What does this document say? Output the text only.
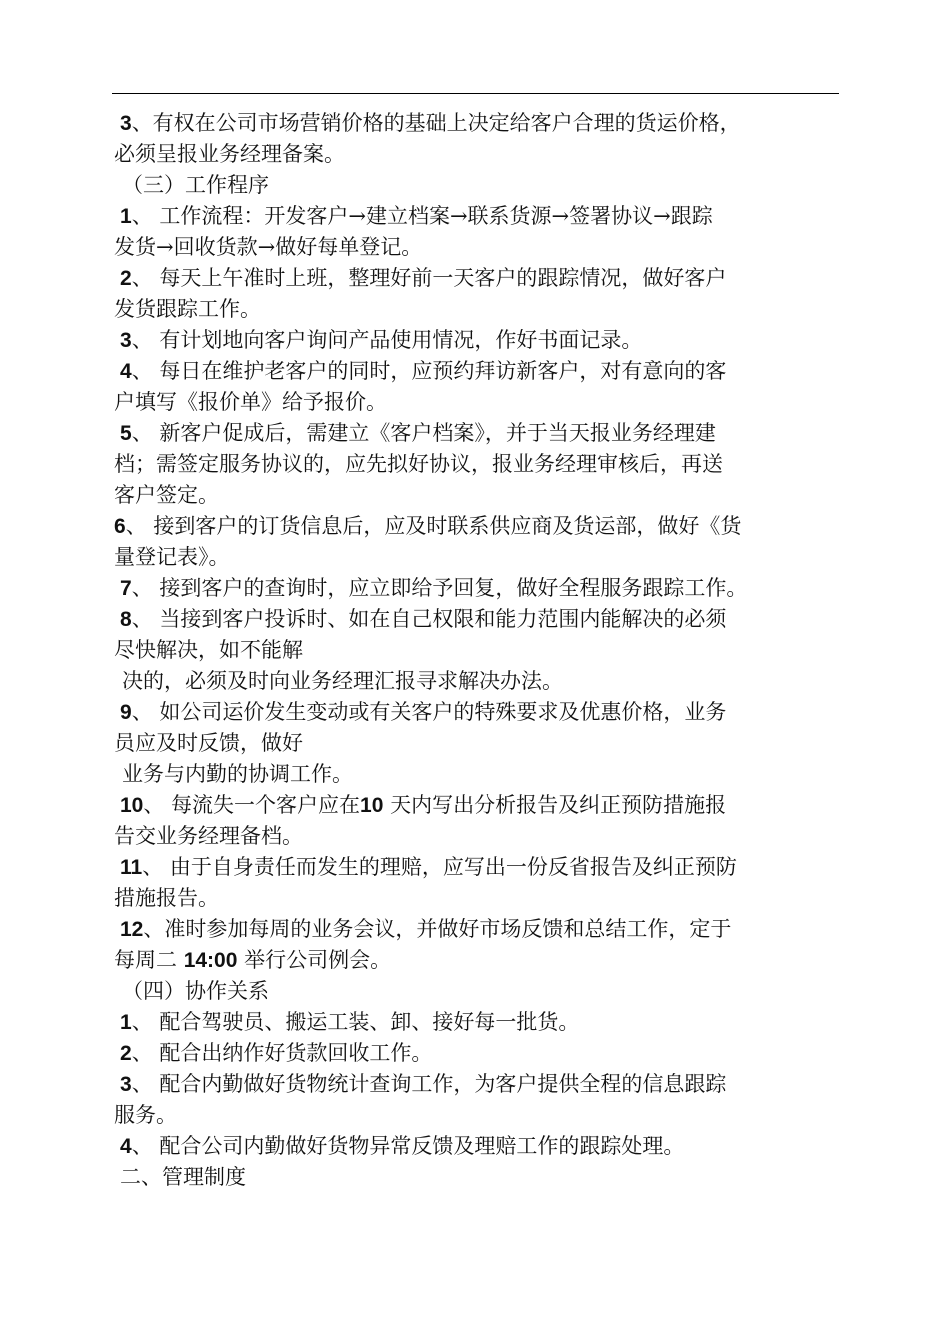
3、有权在公司市场营销价格的基础上决定给客户合理的货运价格，
必须呈报业务经理备案。
（三）工作程序
1、 工作流程：开发客户→建立档案→联系货源→签署协议→跟踪
发货→回收货款→做好每单登记。
2、 每天上午准时上班，整理好前一天客户的跟踪情况，做好客户
发货跟踪工作。
3、 有计划地向客户询问产品使用情况，作好书面记录。
4、 每日在维护老客户的同时，应预约拜访新客户，对有意向的客
户填写《报价单》给予报价。
5、 新客户促成后，需建立《客户档案》，并于当天报业务经理建
档；需签定服务协议的，应先拟好协议，报业务经理审核后，再送
客户签定。
6、 接到客户的订货信息后，应及时联系供应商及货运部，做好《货
量登记表》。
7、 接到客户的查询时，应立即给予回复，做好全程服务跟踪工作。
8、 当接到客户投诉时、如在自己权限和能力范围内能解决的必须
尽快解决，如不能解
决的，必须及时向业务经理汇报寻求解决办法。
9、 如公司运价发生变动或有关客户的特殊要求及优惠价格，业务
员应及时反馈，做好
业务与内勤的协调工作。
10、 每流失一个客户应在10 天内写出分析报告及纠正预防措施报
告交业务经理备档。
11、 由于自身责任而发生的理赔，应写出一份反省报告及纠正预防
措施报告。
12、准时参加每周的业务会议，并做好市场反馈和总结工作，定于
每周二 14:00 举行公司例会。
（四）协作关系
1、 配合驾驶员、搬运工装、卸、接好每一批货。
2、 配合出纳作好货款回收工作。
3、 配合内勤做好货物统计查询工作，为客户提供全程的信息跟踪
服务。
4、 配合公司内勤做好货物异常反馈及理赔工作的跟踪处理。
二、管理制度
